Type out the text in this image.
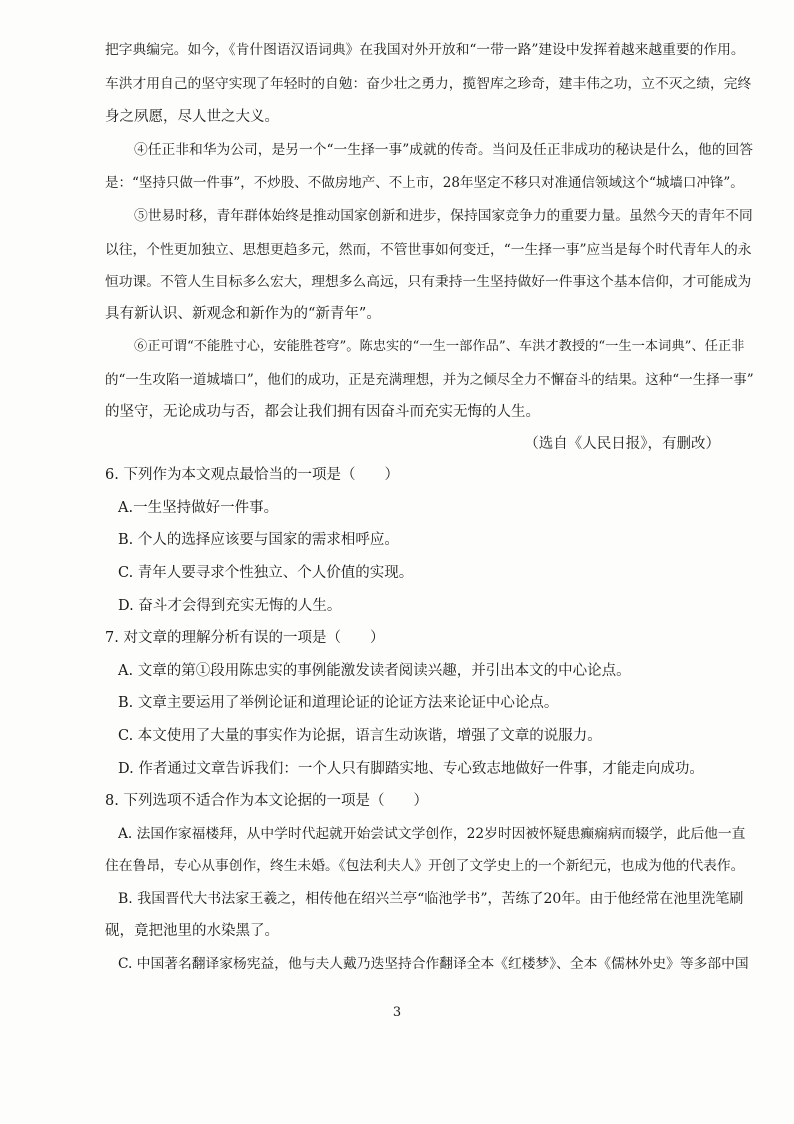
把字典编完。如今，《肯什图语汉语词典》在我国对外开放和“一带一路”建设中发挥着越来越重要的作用。
车洪才用自己的坚守实现了年轻时的自勉：奋少壮之勇力，揽智库之珍奇，建丰伟之功，立不灭之绩，完终
身之夙愿，尽人世之大义。
④任正非和华为公司，是另一个“一生择一事”成就的传奇。当问及任正非成功的秘诀是什么，他的回答
是：“坚持只做一件事”，不炒股、不做房地产、不上市，28年坚定不移只对准通信领域这个“城墙口冲锋”。
⑤世易时移，青年群体始终是推动国家创新和进步，保持国家竞争力的重要力量。虽然今天的青年不同
以往，个性更加独立、思想更趋多元，然而，不管世事如何变迁，“一生择一事”应当是每个时代青年人的永
恒功课。不管人生目标多么宏大，理想多么高远，只有秉持一生坚持做好一件事这个基本信仰，才可能成为
具有新认识、新观念和新作为的“新青年”。
⑥正可谓“不能胜寸心，安能胜苍穹”。陈忠实的“一生一部作品”、车洪才教授的“一生一本词典”、任正非
的“一生攻陷一道城墙口”，他们的成功，正是充满理想，并为之倾尽全力不懈奋斗的结果。这种“一生择一事”
的坚守，无论成功与否，都会让我们拥有因奋斗而充实无悔的人生。
（选自《人民日报》，有删改）
6. 下列作为本文观点最恰当的一项是（　　）
A.一生坚持做好一件事。
B. 个人的选择应该要与国家的需求相呼应。
C. 青年人要寻求个性独立、个人价值的实现。
D. 奋斗才会得到充实无悔的人生。
7. 对文章的理解分析有误的一项是（　　）
A. 文章的第①段用陈忠实的事例能激发读者阅读兴趣，并引出本文的中心论点。
B. 文章主要运用了举例论证和道理论证的论证方法来论证中心论点。
C. 本文使用了大量的事实作为论据，语言生动诙谐，增强了文章的说服力。
D. 作者通过文章告诉我们：一个人只有脚踏实地、专心致志地做好一件事，才能走向成功。
8. 下列选项不适合作为本文论据的一项是（　　）
A. 法国作家福楼拜，从中学时代起就开始尝试文学创作，22岁时因被怀疑患癫痫病而辍学，此后他一直
住在鲁昂，专心从事创作，终生未婚。《包法利夫人》开创了文学史上的一个新纪元，也成为他的代表作。
B. 我国晋代大书法家王羲之，相传他在绍兴兰亭“临池学书”，苦练了20年。由于他经常在池里洗笔刷
砚，竟把池里的水染黑了。
C. 中国著名翻译家杨宪益，他与夫人戴乃迭坚持合作翻译全本《红楼梦》、全本《儒林外史》等多部中国
3
